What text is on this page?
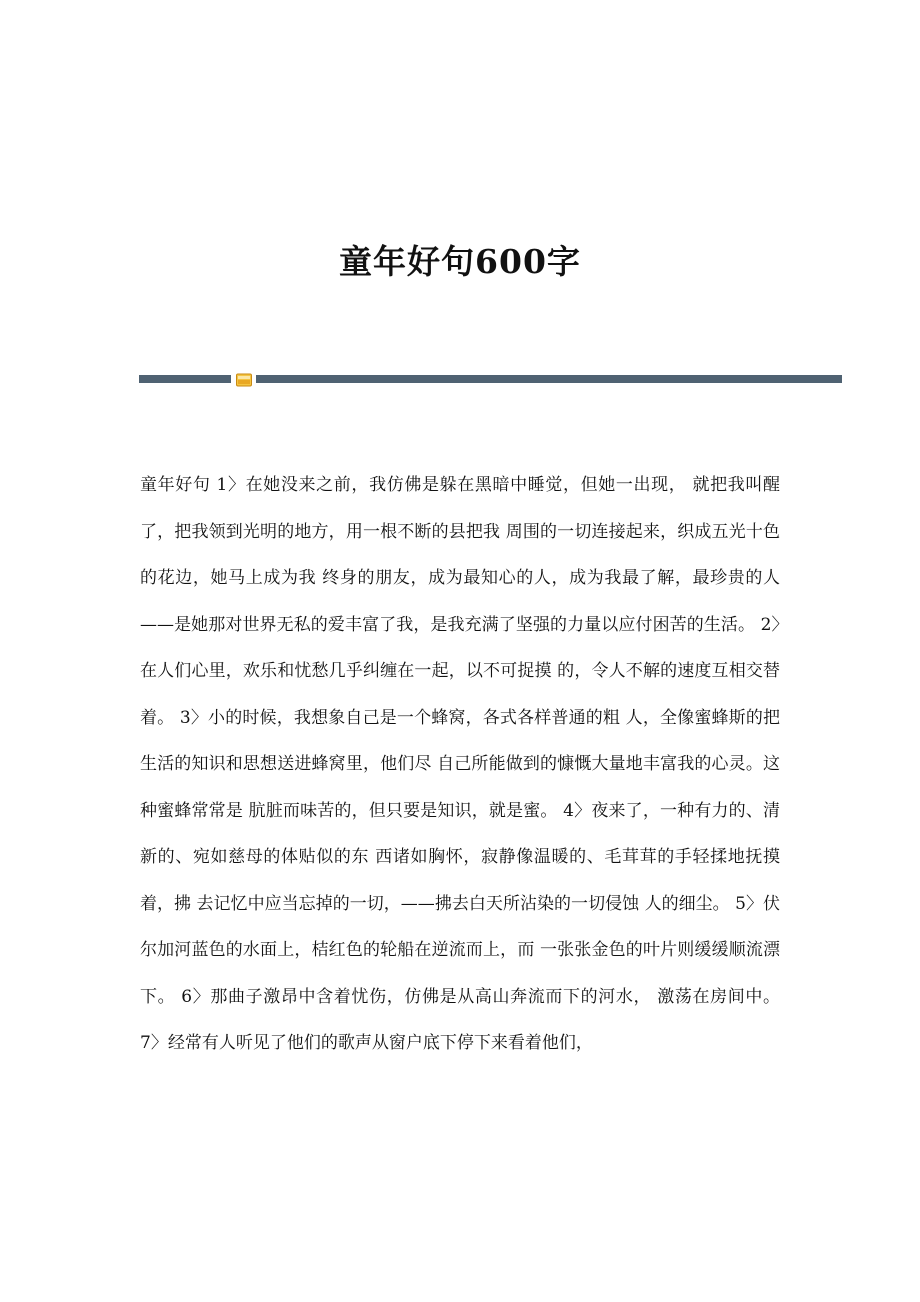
童年好句600字

童年好句 1〉在她没来之前，我仿佛是躲在黑暗中睡觉，但她一出现， 就把我叫醒了，把我领到光明的地方，用一根不断的县把我 周围的一切连接起来，织成五光十色的花边，她马上成为我 终身的朋友，成为最知心的人，成为我最了解，最珍贵的人 ——是她那对世界无私的爱丰富了我，是我充满了坚强的力量以应付困苦的生活。 2〉在人们心里，欢乐和忧愁几乎纠缠在一起，以不可捉摸 的，令人不解的速度互相交替着。 3〉小的时候，我想象自己是一个蜂窝，各式各样普通的粗 人，全像蜜蜂斯的把生活的知识和思想送进蜂窝里，他们尽 自己所能做到的慷慨大量地丰富我的心灵。这种蜜蜂常常是 肮脏而味苦的，但只要是知识，就是蜜。 4〉夜来了，一种有力的、清新的、宛如慈母的体贴似的东 西诸如胸怀，寂静像温暖的、毛茸茸的手轻揉地抚摸着，拂 去记忆中应当忘掉的一切，——拂去白天所沾染的一切侵蚀 人的细尘。 5〉伏尔加河蓝色的水面上，桔红色的轮船在逆流而上，而 一张张金色的叶片则缓缓顺流漂下。 6〉那曲子激昂中含着忧伤，仿佛是从高山奔流而下的河水， 激荡在房间中。 7〉经常有人听见了他们的歌声从窗户底下停下来看着他们，
